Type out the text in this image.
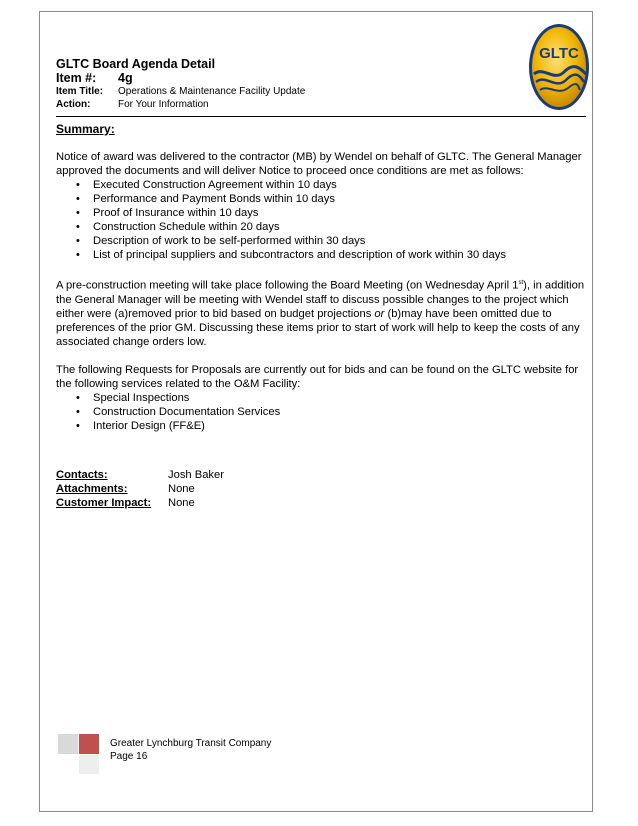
GLTC Board Agenda Detail
Item #: 4g
Item Title: Operations & Maintenance Facility Update
Action:	For Your Information
GLTC
Summary:

Notice of award was delivered to the contractor (MB) by Wendel on behalf of GLTC. The General Manager approved the documents and will deliver Notice to proceed once conditions are met as follows:

• Executed Construction Agreement within 10 days
• Performance and Payment Bonds within 10 days
• Proof of Insurance within 10 days
• Construction Schedule within 20 days
• Description of work to be self-performed within 30 days
• List of principal suppliers and subcontractors and description of work within 30 days

A pre-construction meeting will take place following the Board Meeting (on Wednesday April 1st), in addition the General Manager will be meeting with Wendel staff to discuss possible changes to the project which either were (a)removed prior to bid based on budget projections or (b)may have been omitted due to preferences of the prior GM. Discussing these items prior to start of work will help to keep the costs of any associated change orders low.

The following Requests for Proposals are currently out for bids and can be found on the GLTC website for the following services related to the O&M Facility:

• Special Inspections
• Construction Documentation Services
• Interior Design (FF&E)
Contacts:	Josh Baker
Attachments:	None
Customer Impact:	None
Greater Lynchburg Transit Company
Page 16
